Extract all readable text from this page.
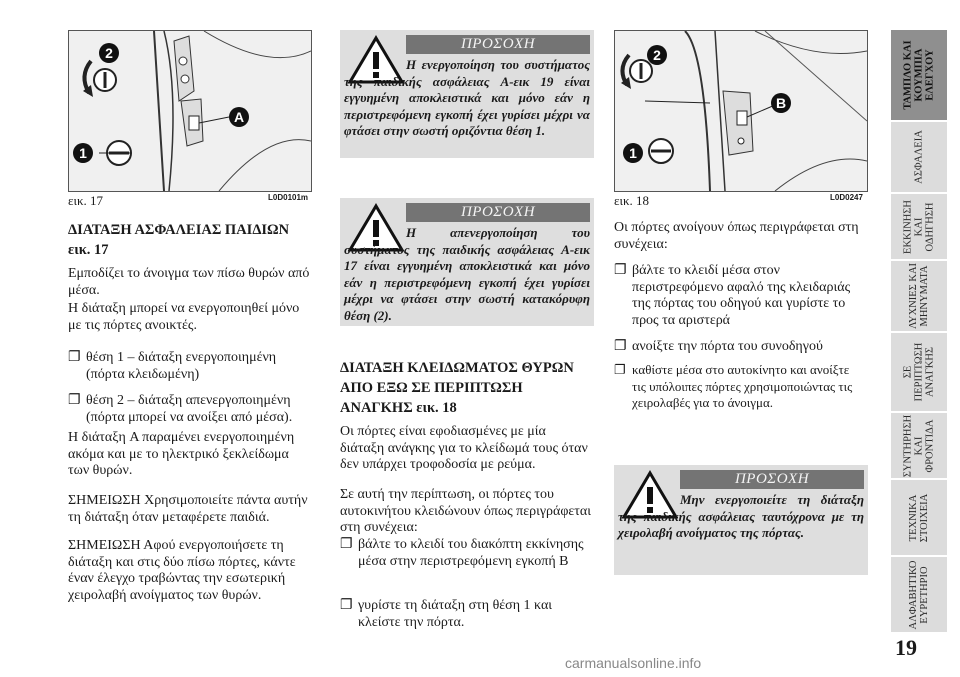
2
A
1
εικ. 17	L0D0101m
ΔΙΑΤΑΞΗ ΑΣΦΑΛΕΙΑΣ ΠΑΙΔΙΩΝ εικ. 17
Εμποδίζει το άνοιγμα των πίσω θυρών από μέσα.
Η διάταξη μπορεί να ενεργοποιηθεί μόνο με τις πόρτες ανοικτές.
❐ θέση 1 – διάταξη ενεργοποιημένη (πόρτα κλειδωμένη)
❐ θέση 2 – διάταξη απενεργοποιημένη (πόρτα μπορεί να ανοίξει από μέσα).
Η διάταξη A παραμένει ενεργοποιημένη ακόμα και με το ηλεκτρικό ξεκλείδωμα των θυρών.
ΣΗΜΕΙΩΣΗ Χρησιμοποιείτε πάντα αυτήν τη διάταξη όταν μεταφέρετε παιδιά.
ΣΗΜΕΙΩΣΗ Αφού ενεργοποιήσετε τη διάταξη και στις δύο πίσω πόρτες, κάντε έναν έλεγχο τραβώντας την εσωτερική χειρολαβή ανοίγματος των θυρών.
ΠΡΟΣΟΧΗ
Η ενεργοποίηση του συστήματος της παιδικής ασφάλειας A-εικ 19 είναι εγγυημένη αποκλειστικά και μόνο εάν η περιστρεφόμενη εγκοπή έχει γυρίσει μέχρι να φτάσει στην σωστή οριζόντια θέση 1.
ΠΡΟΣΟΧΗ
Η απενεργοποίηση του συστήματος της παιδικής ασφάλειας A-εικ 17 είναι εγγυημένη αποκλειστικά και μόνο εάν η περιστρεφόμενη εγκοπή έχει γυρίσει μέχρι να φτάσει στην σωστή κατακόρυφη θέση (2).
ΔΙΑΤΑΞΗ ΚΛΕΙΔΩΜΑΤΟΣ ΘΥΡΩΝ ΑΠΟ ΕΞΩ ΣΕ ΠΕΡΙΠΤΩΣΗ ΑΝΑΓΚΗΣ εικ. 18
Οι πόρτες είναι εφοδιασμένες με μία διάταξη ανάγκης για το κλείδωμά τους όταν δεν υπάρχει τροφοδοσία με ρεύμα.
Σε αυτή την περίπτωση, οι πόρτες του αυτοκινήτου κλειδώνουν όπως περιγράφεται στη συνέχεια:
❐ βάλτε το κλειδί του διακόπτη εκκίνησης μέσα στην περιστρεφόμενη εγκοπή B
❐ γυρίστε τη διάταξη στη θέση 1 και κλείστε την πόρτα.
2
B
1
εικ. 18	L0D0247
Οι πόρτες ανοίγουν όπως περιγράφεται στη συνέχεια:
❐ βάλτε το κλειδί μέσα στον περιστρεφόμενο αφαλό της κλειδαριάς της πόρτας του οδηγού και γυρίστε το προς τα αριστερά
❐ ανοίξτε την πόρτα του συνοδηγού
❐ καθίστε μέσα στο αυτοκίνητο και ανοίξτε τις υπόλοιπες πόρτες χρησιμοποιώντας τις χειρολαβές για το άνοιγμα.
ΠΡΟΣΟΧΗ
Μην ενεργοποιείτε τη διάταξη της παιδικής ασφάλειας ταυτόχρονα με τη χειρολαβή ανοίγματος της πόρτας.
ΤΑΜΠΛΟ ΚΑΙ
ΚΟΥΜΠΙΑ
ΕΛΕΓΧΟΥ
ΑΣΦΑΛΕΙΑ
ΕΚΚΙΝΗΣΗ
ΚΑΙ
ΟΔΗΓΗΣΗ
ΛΥΧΝΙΕΣ ΚΑΙ
ΜΗΝΥΜΑΤΑ
ΣΕ
ΠΕΡΙΠΤΩΣΗ
ΑΝΑΓΚΗΣ
ΣΥΝΤΗΡΗΣΗ
ΚΑΙ
ΦΡΟΝΤΙΔΑ
ΤΕΧΝΙΚΑ
ΣΤΟΙΧΕΙΑ
ΑΛΦΑΒΗΤΙΚΟ
ΕΥΡΕΤΗΡΙΟ
19
carmanualsonline.info
